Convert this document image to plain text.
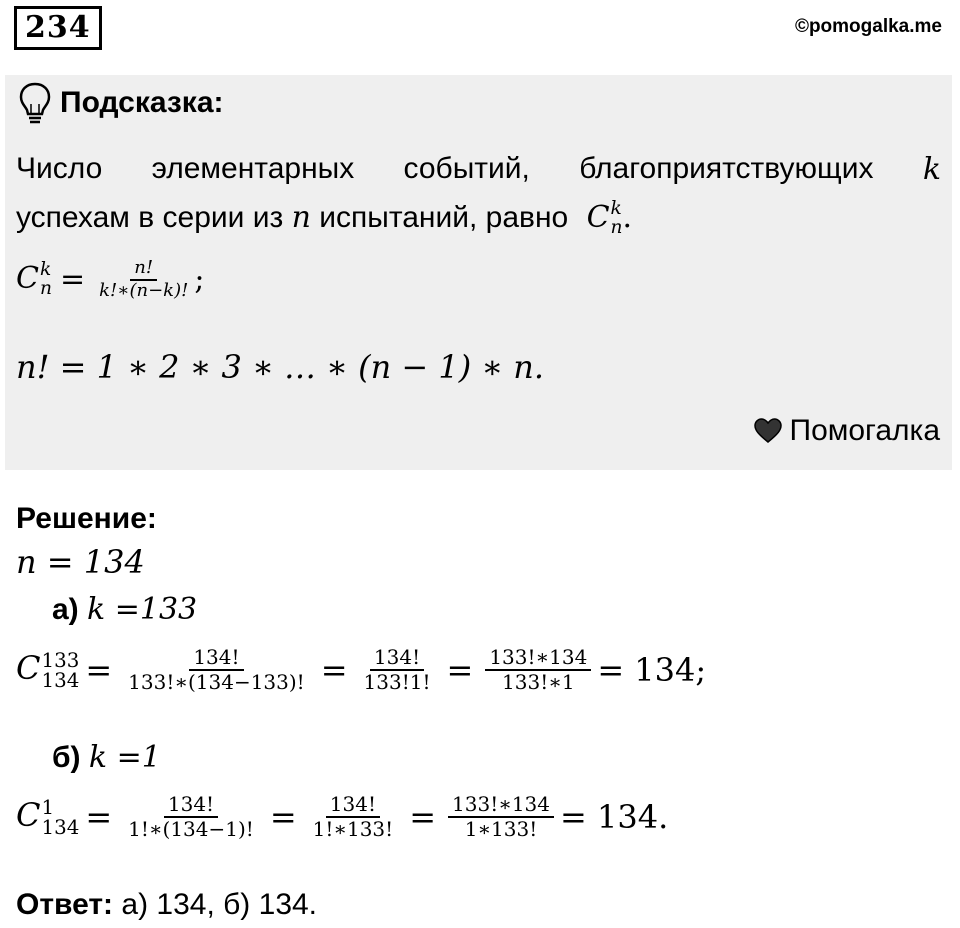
234	©pomogalka.me
Подсказка:
Число элементарных событий, благоприятствующих k
успехам в серии из n испытаний, равно C k
n .
C k
$n = \frac{n!}{k!∗(n-k)!}$ ;
n! = 1 ∗ 2 ∗ 3 ∗ … ∗ (n − 1) ∗ n.
Помогалка
Решение:
n = 134
а) k =133
C 133
$134 = \frac{134!}{133!∗(134-133)!} = \frac{134!}{133!1!} = \frac{133!∗134}{133!∗1} = 134$;
б) k =1
C 1
$134 = \frac{134!}{1!∗(134-1)!} = \frac{134!}{1!∗133!} = \frac{133!∗134}{1∗133!} = 134$.
Ответ: а) 134, б) 134.
